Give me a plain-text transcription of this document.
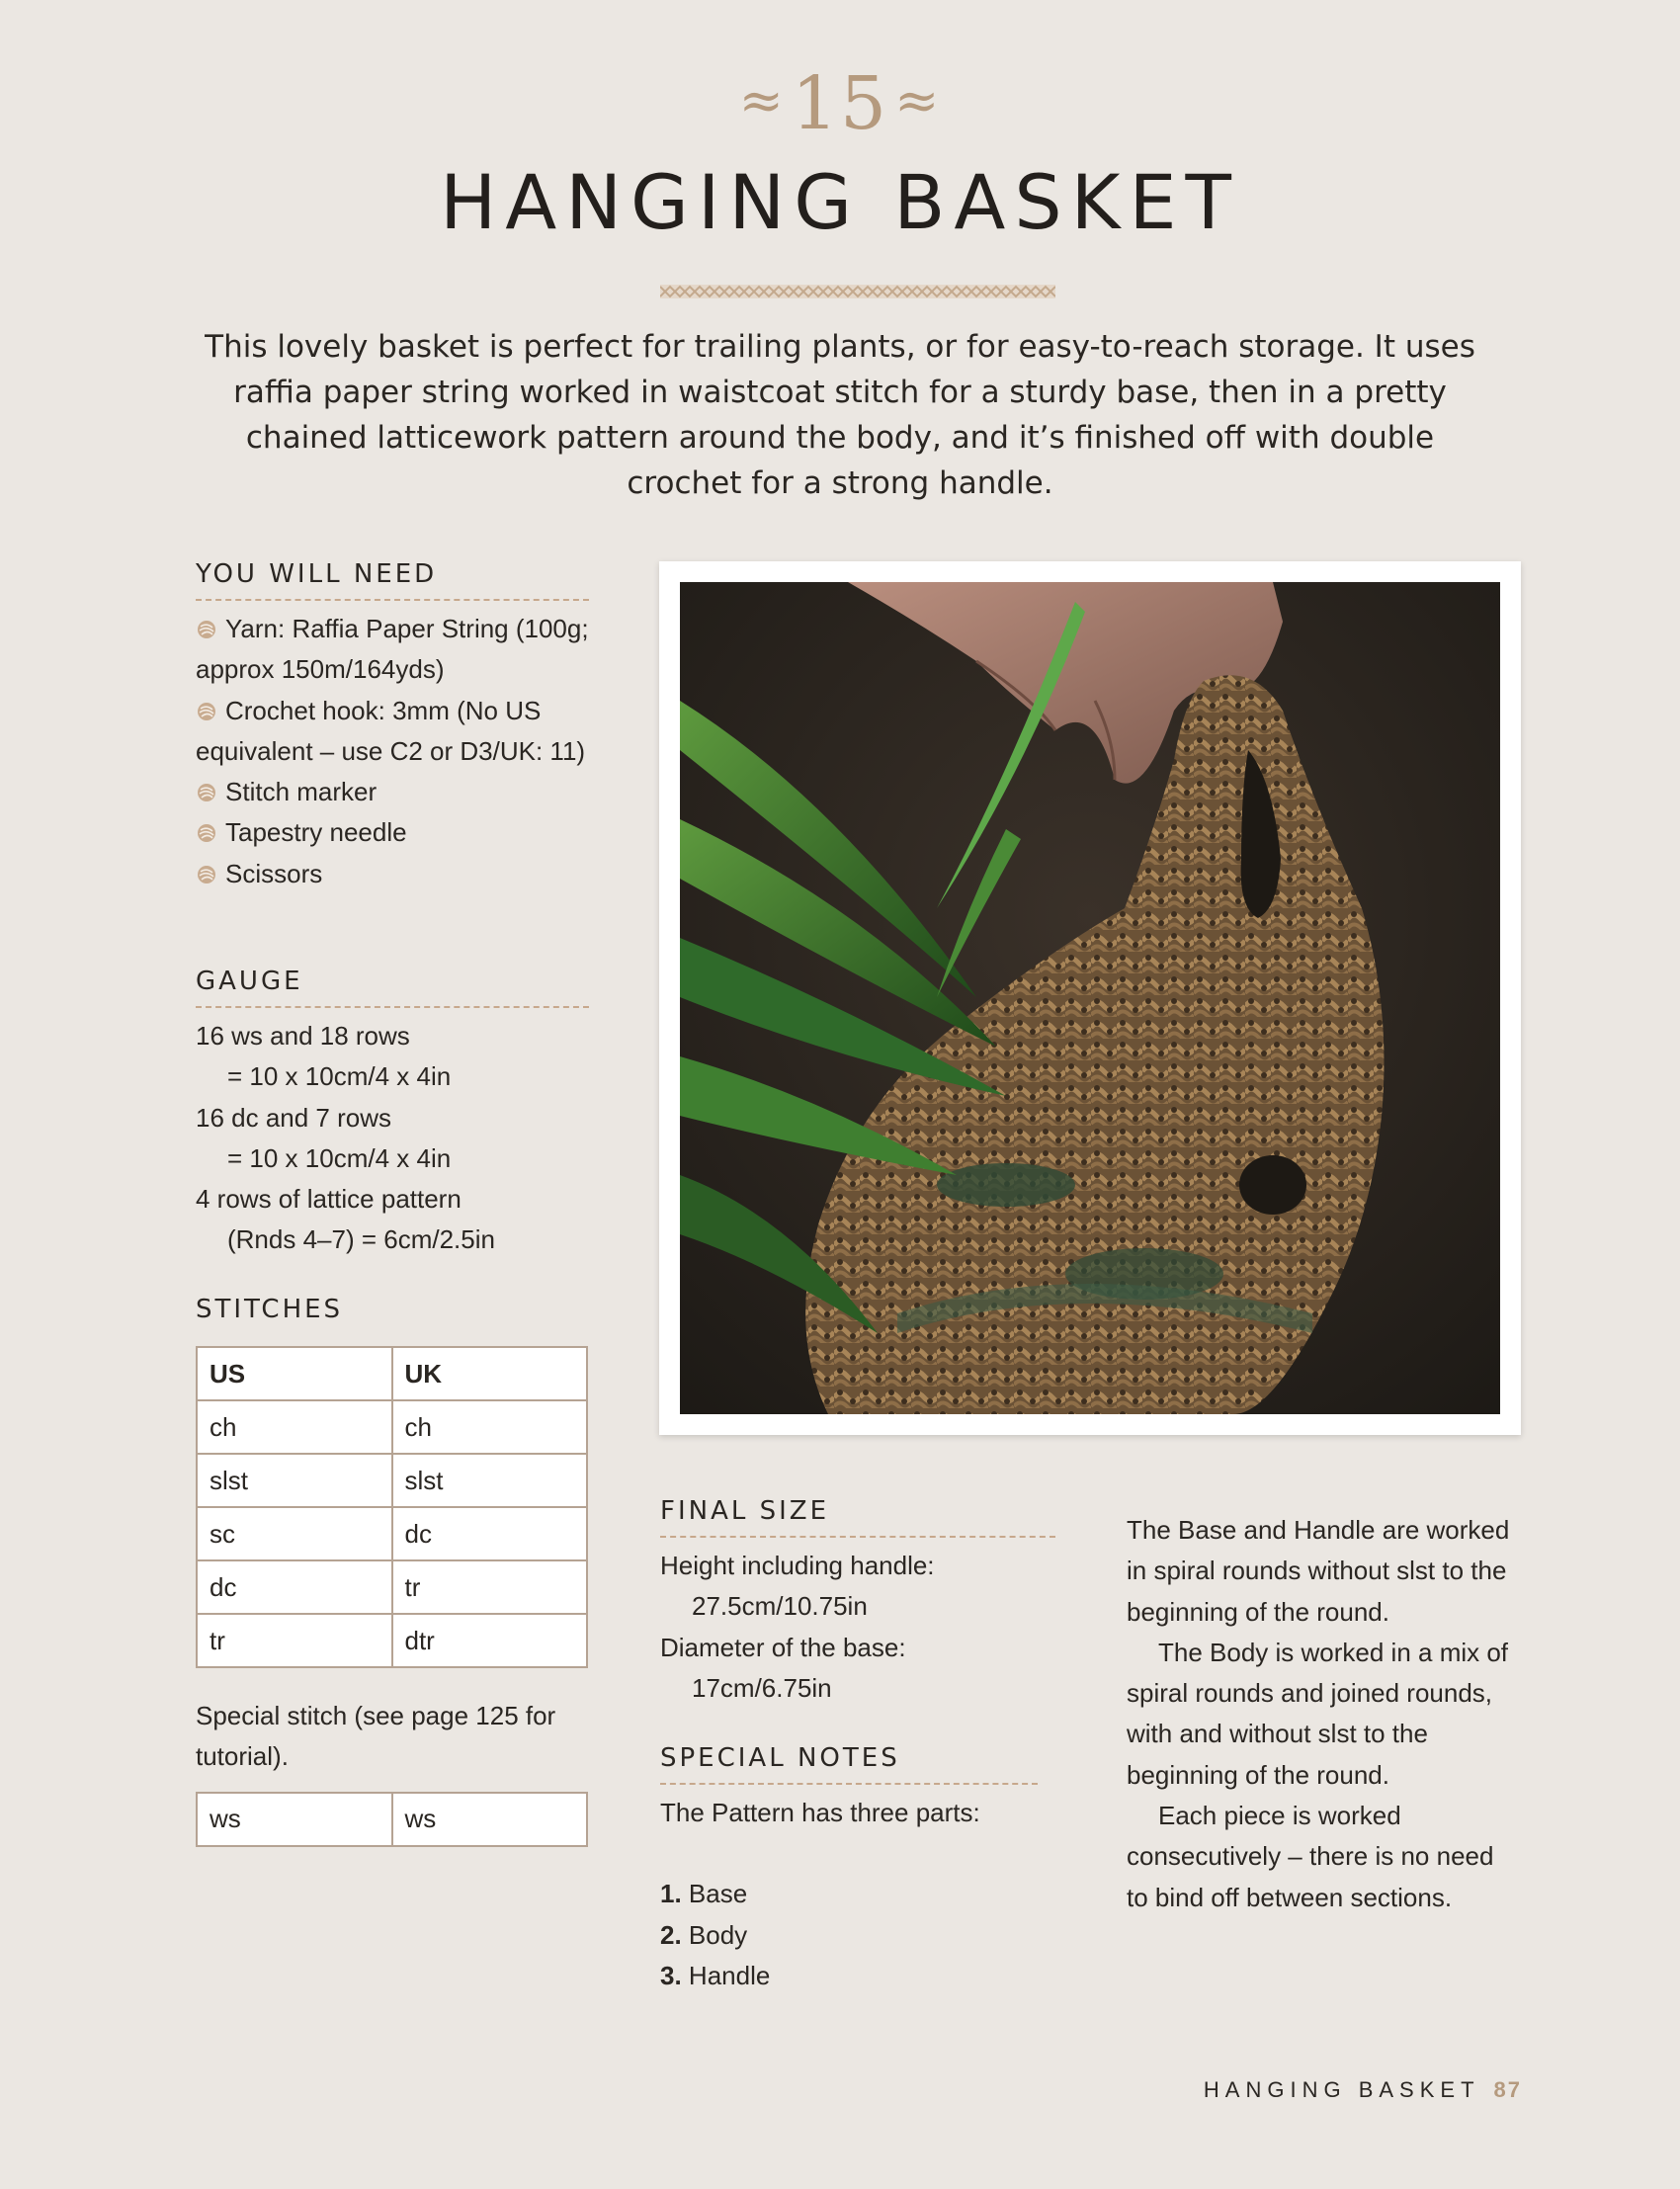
≈15 ≈
HANGING BASKET

This lovely basket is perfect for trailing plants, or for easy-to-reach storage. It uses raffia paper string worked in waistcoat stitch for a sturdy base, then in a pretty chained latticework pattern around the body, and it’s finished off with double crochet for a strong handle.

YOU WILL NEED
Yarn: Raffia Paper String (100g; approx 150m/164yds)
Crochet hook: 3mm (No US equivalent – use C2 or D3/UK: 11)
Stitch marker
Tapestry needle
Scissors
GAUGE
16 ws and 18 rows
= 10 x 10cm/4 x 4in
16 dc and 7 rows
= 10 x 10cm/4 x 4in
4 rows of lattice pattern
(Rnds 4–7) = 6cm/2.5in
STITCHES
US	UK
ch	ch
slst	slst
sc	dc
dc	tr
tr	dtr

Special stitch (see page 125 for tutorial).

ws	ws
FINAL SIZE
Height including handle:
27.5cm/10.75in
Diameter of the base:
17cm/6.75in
SPECIAL NOTES
The Pattern has three parts:
1. Base
2. Body
3. Handle

The Base and Handle are worked in spiral rounds without slst to the beginning of the round.

The Body is worked in a mix of spiral rounds and joined rounds, with and without slst to the beginning of the round.

Each piece is worked consecutively – there is no need to bind off between sections.

HANGING BASKET 87
